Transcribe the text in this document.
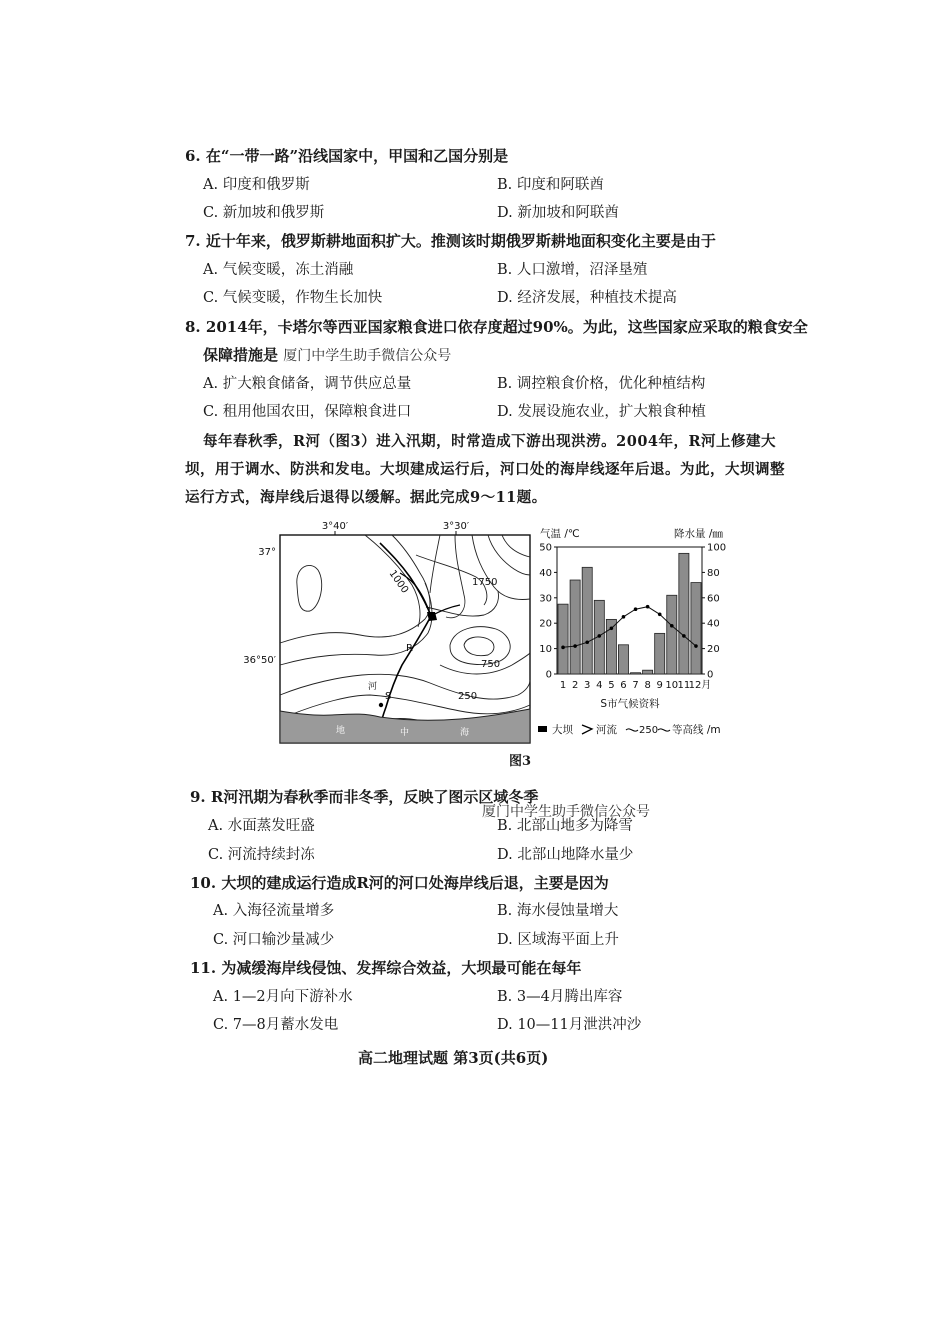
6. 在“一带一路”沿线国家中，甲国和乙国分别是
A. 印度和俄罗斯	B. 印度和阿联酋
C. 新加坡和俄罗斯	D. 新加坡和阿联酋
7. 近十年来，俄罗斯耕地面积扩大。推测该时期俄罗斯耕地面积变化主要是由于
A. 气候变暖，冻土消融	B. 人口激增，沼泽垦殖
C. 气候变暖，作物生长加快	D. 经济发展，种植技术提高
8. 2014年，卡塔尔等西亚国家粮食进口依存度超过90%。为此，这些国家应采取的粮食安全
保障措施是 厦门中学生助手微信公众号
A. 扩大粮食储备，调节供应总量	B. 调控粮食价格，优化种植结构
C. 租用他国农田，保障粮食进口	D. 发展设施农业，扩大粮食种植
每年春秋季，R河（图3）进入汛期，时常造成下游出现洪涝。2004年，R河上修建大
坝，用于调水、防洪和发电。大坝建成运行后，河口处的海岸线逐年后退。为此，大坝调整
运行方式，海岸线后退得以缓解。据此完成9～11题。
3°40′	3°30′
37°
36°50′
1000	1750
750
250
R
河
S
地	中	海
气温 /℃	降水量 /㎜
50
40
30
20
10
0
100
80
60
40
20
0
1 2 3 4 5 6 7 8 9 10 11
12月
S市气候资料
大坝 河流 250 等高线 /m
图3
9. R河汛期为春秋季而非冬季，反映了图示区域冬季
厦门中学生助手微信公众号
A. 水面蒸发旺盛	B. 北部山地多为降雪
C. 河流持续封冻	D. 北部山地降水量少
10. 大坝的建成运行造成R河的河口处海岸线后退，主要是因为
A. 入海径流量增多	B. 海水侵蚀量增大
C. 河口输沙量减少	D. 区域海平面上升
11. 为减缓海岸线侵蚀、发挥综合效益，大坝最可能在每年
A. 1—2月向下游补水	B. 3—4月腾出库容
C. 7—8月蓄水发电	D. 10—11月泄洪冲沙
高二地理试题 第3页(共6页)
